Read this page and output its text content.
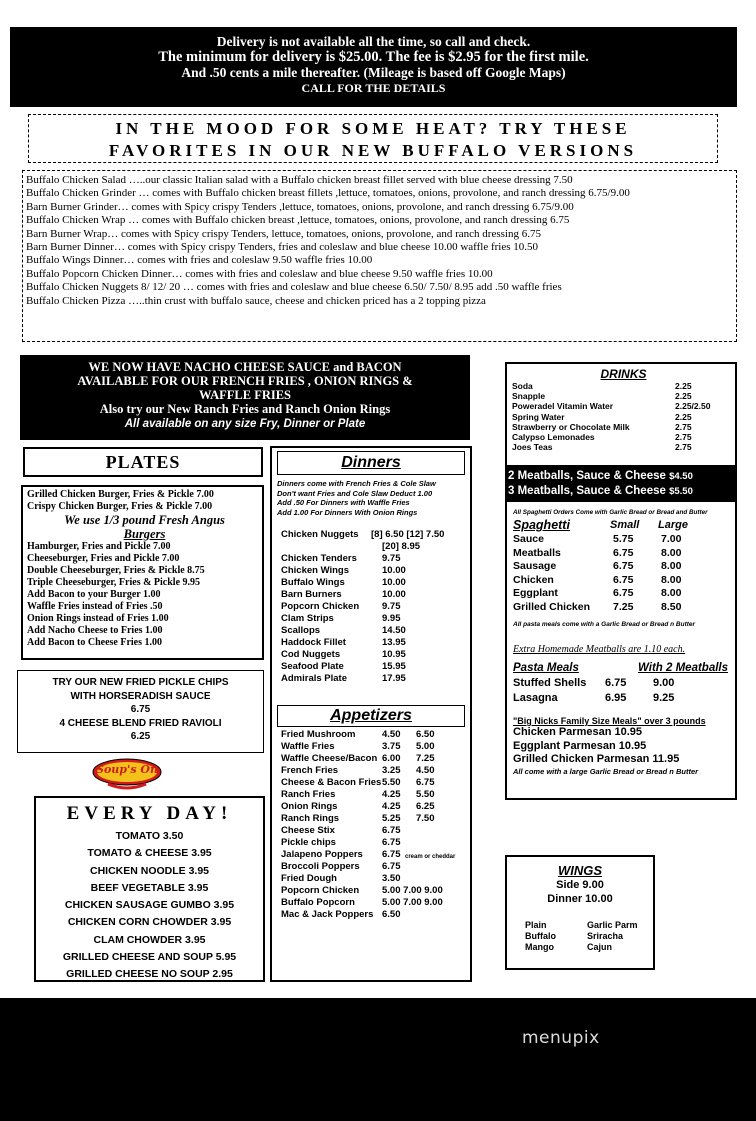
Delivery is not available all the time, so call and check.
The minimum for delivery is $25.00. The fee is $2.95 for the first mile.
And .50 cents a mile thereafter. (Mileage is based off Google Maps)
CALL FOR THE DETAILS
IN THE MOOD FOR SOME HEAT? TRY THESE
FAVORITES IN OUR NEW BUFFALO VERSIONS
Buffalo Chicken Salad …..our classic Italian salad with a Buffalo chicken breast fillet served with blue cheese dressing 7.50
Buffalo Chicken Grinder … comes with Buffalo chicken breast fillets ,lettuce, tomatoes, onions, provolone, and ranch dressing 6.75/9.00
Barn Burner Grinder… comes with Spicy crispy Tenders ,lettuce, tomatoes, onions, provolone, and ranch dressing 6.75/9.00
Buffalo Chicken Wrap … comes with Buffalo chicken breast ,lettuce, tomatoes, onions, provolone, and ranch dressing 6.75
Barn Burner Wrap… comes with Spicy crispy Tenders, lettuce, tomatoes, onions, provolone, and ranch dressing 6.75
Barn Burner Dinner… comes with Spicy crispy Tenders, fries and coleslaw and blue cheese 10.00 waffle fries 10.50
Buffalo Wings Dinner… comes with fries and coleslaw 9.50 waffle fries 10.00
Buffalo Popcorn Chicken Dinner… comes with fries and coleslaw and blue cheese 9.50 waffle fries 10.00
Buffalo Chicken Nuggets 8/ 12/ 20 … comes with fries and coleslaw and blue cheese 6.50/ 7.50/ 8.95 add .50 waffle fries
Buffalo Chicken Pizza …..thin crust with buffalo sauce, cheese and chicken priced has a 2 topping pizza
WE NOW HAVE NACHO CHEESE SAUCE and BACON
AVAILABLE FOR OUR FRENCH FRIES , ONION RINGS &
WAFFLE FRIES
Also try our New Ranch Fries and Ranch Onion Rings
All available on any size Fry, Dinner or Plate
PLATES
Grilled Chicken Burger, Fries & Pickle 7.00
Crispy Chicken Burger, Fries & Pickle 7.00
We use 1/3 pound Fresh Angus
Burgers
Hamburger, Fries and Pickle 7.00
Cheeseburger, Fries and Pickle 7.00
Double Cheeseburger, Fries & Pickle 8.75
Triple Cheeseburger, Fries & Pickle 9.95
Add Bacon to your Burger 1.00
Waffle Fries instead of Fries .50
Onion Rings instead of Fries 1.00
Add Nacho Cheese to Fries 1.00
Add Bacon to Cheese Fries 1.00
TRY OUR NEW FRIED PICKLE CHIPS
WITH HORSERADISH SAUCE
6.75
4 CHEESE BLEND FRIED RAVIOLI
6.25
Soup's On
EVERY DAY!
TOMATO 3.50
TOMATO & CHEESE 3.95
CHICKEN NOODLE 3.95
BEEF VEGETABLE 3.95
CHICKEN SAUSAGE GUMBO 3.95
CHICKEN CORN CHOWDER 3.95
CLAM CHOWDER 3.95
GRILLED CHEESE AND SOUP 5.95
GRILLED CHEESE NO SOUP 2.95
Dinners
Dinners come with French Fries & Cole Slaw
Don't want Fries and Cole Slaw Deduct 1.00
Add .50 For Dinners with Waffle Fries
Add 1.00 For Dinners With Onion Rings
Chicken Nuggets [8] 6.50 [12] 7.50
[20] 8.95
Chicken Tenders	9.75
Chicken Wings	10.00
Buffalo Wings	10.00
Barn Burners	10.00
Popcorn Chicken 9.75
Clam Strips	9.95
Scallops	14.50
Haddock Fillet	13.95
Cod Nuggets	10.95
Seafood Plate	15.95
Admirals Plate	17.95
Appetizers
Fried Mushroom	4.50 6.50
Waffle Fries	3.75 5.00
Waffle Cheese/Bacon 6.00 7.25
French Fries	3.25 4.50
Cheese & Bacon Fries 5.50 6.75
Ranch Fries	4.25 5.50
Onion Rings	4.25 6.25
Ranch Rings	5.25 7.50
Cheese Stix	6.75
Pickle chips	6.75
Jalapeno Poppers 6.75 cream or cheddar
Broccoli Poppers 6.75
Fried Dough	3.50
Popcorn Chicken 5.00 7.00 9.00
Buffalo Popcorn	5.00 7.00 9.00
Mac & Jack Poppers 6.50
DRINKS
Soda	2.25
Snapple	2.25
Poweradel Vitamin Water	2.25/2.50
Spring Water	2.25
Strawberry or Chocolate Milk	2.75
Calypso Lemonades	2.75
Joes Teas	2.75
2 Meatballs, Sauce & Cheese $4.50
3 Meatballs, Sauce & Cheese $5.50
All Spaghetti Orders Come with Garlic Bread or Bread and Butter
Spaghetti	Small Large
Sauce	5.75	7.00
Meatballs	6.75	8.00
Sausage	6.75	8.00
Chicken	6.75	8.00
Eggplant	6.75	8.00
Grilled Chicken 7.25	8.50
All pasta meals come with a Garlic Bread or Bread n Butter
Extra Homemade Meatballs are 1.10 each.
Pasta Meals	With 2 Meatballs
Stuffed Shells 6.75 9.00
Lasagna	6.95 9.25
"Big Nicks Family Size Meals" over 3 pounds
Chicken Parmesan 10.95
Eggplant Parmesan 10.95
Grilled Chicken Parmesan 11.95
All come with a large Garlic Bread or Bread n Butter
WINGS
Side 9.00
Dinner 10.00
Plain
Buffalo
Mango
Garlic Parm
Sriracha
Cajun
menupix
